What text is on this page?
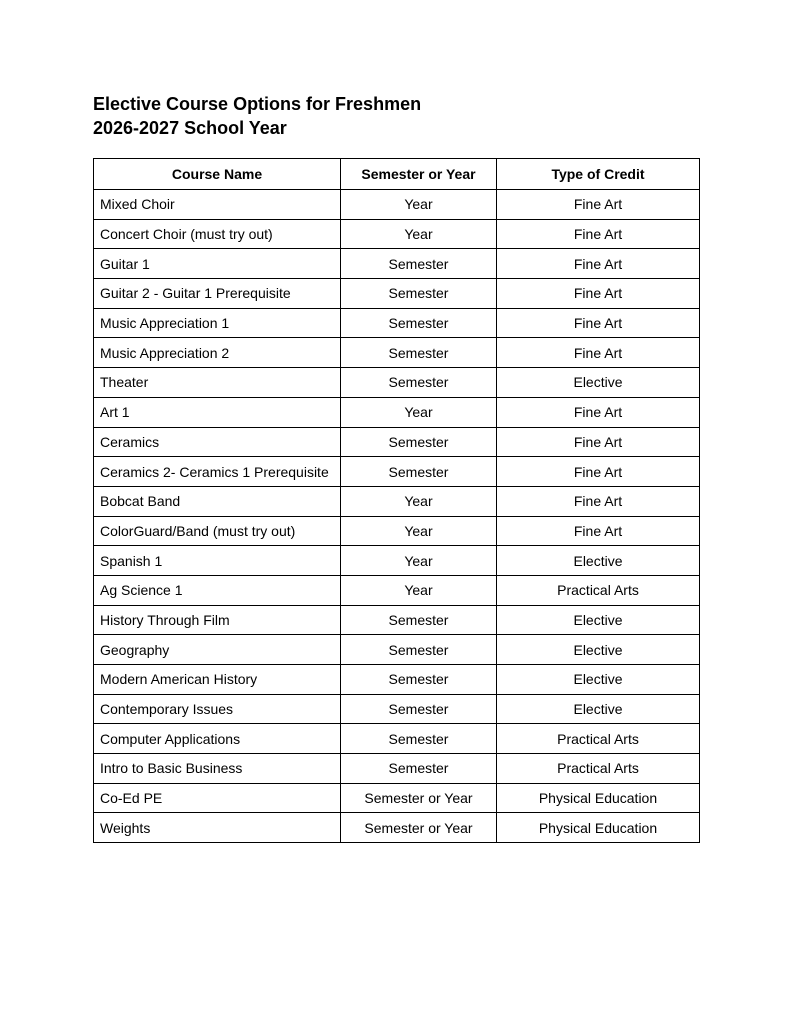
Elective Course Options for Freshmen

2026-2027 School Year

Course Name	Semester or Year	Type of Credit
Mixed Choir	Year	Fine Art
Concert Choir (must try out)	Year	Fine Art
Guitar 1	Semester	Fine Art
Guitar 2 - Guitar 1 Prerequisite	Semester	Fine Art
Music Appreciation 1	Semester	Fine Art
Music Appreciation 2	Semester	Fine Art
Theater	Semester	Elective
Art 1	Year	Fine Art
Ceramics	Semester	Fine Art
Ceramics 2- Ceramics 1 Prerequisite	Semester	Fine Art
Bobcat Band	Year	Fine Art
ColorGuard/Band (must try out)	Year	Fine Art
Spanish 1	Year	Elective
Ag Science 1	Year	Practical Arts
History Through Film	Semester	Elective
Geography	Semester	Elective
Modern American History	Semester	Elective
Contemporary Issues	Semester	Elective
Computer Applications	Semester	Practical Arts
Intro to Basic Business	Semester	Practical Arts
Co-Ed PE	Semester or Year	Physical Education
Weights	Semester or Year	Physical Education
